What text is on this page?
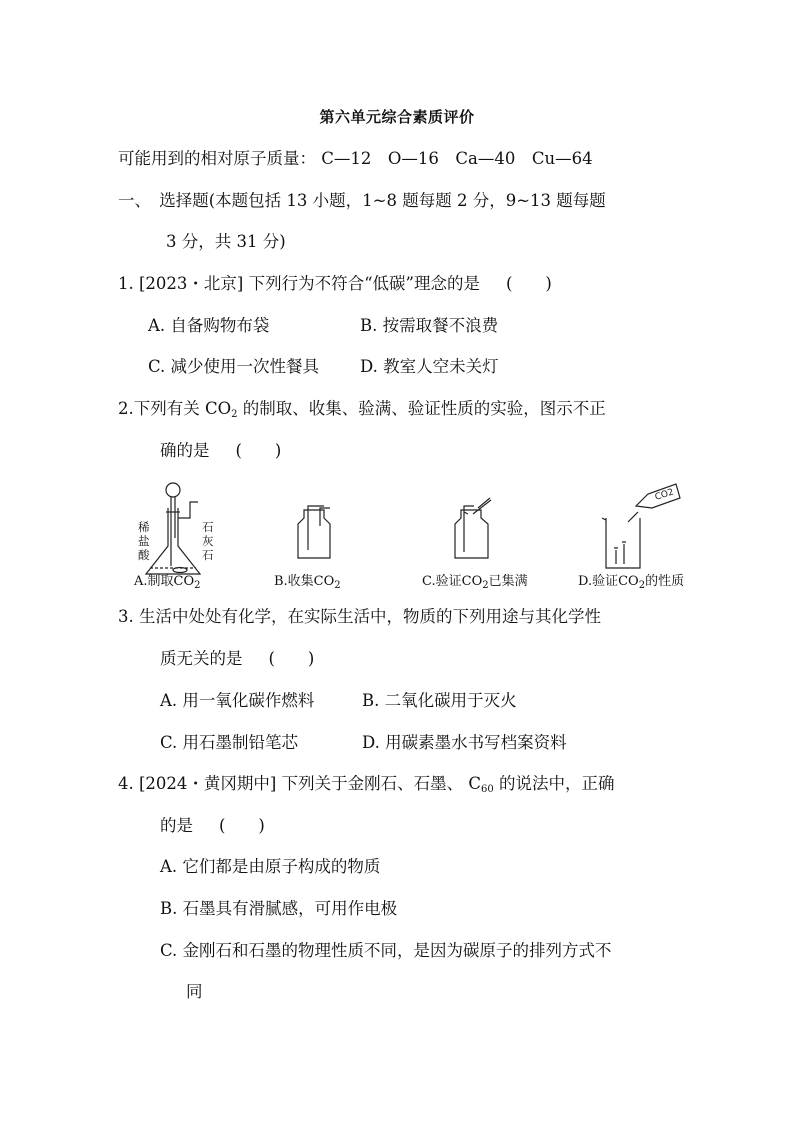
第六单元综合素质评价
可能用到的相对原子质量： C—12　O—16　Ca—40　Cu—64
一、　选择题(本题包括 13 小题，1~8 题每题 2 分，9~13 题每题
3 分，共 31 分)
1. [2023・北京] 下列行为不符合“低碳”理念的是 (　　)
A. 自备购物布袋	B. 按需取餐不浪费
C. 减少使用一次性餐具 D. 教室人空未关灯
2.下列有关 $CO_2$ 的制取、收集、验满、验证性质的实验，图示不正
确的是 (　　)
CO2
稀
盐
酸
石
灰
石
A.制取$CO_2$	B.收集$CO_2$	C.验证$CO_2$已集满	D.验证$CO_2$的性质
3. 生活中处处有化学，在实际生活中，物质的下列用途与其化学性
质无关的是 (　　)
A. 用一氧化碳作燃料	B. 二氧化碳用于灭火
C. 用石墨制铅笔芯	D. 用碳素墨水书写档案资料
4. [2024・黄冈期中] 下列关于金刚石、石墨、 $C_{60}$ 的说法中，正确
的是 (　　)
A. 它们都是由原子构成的物质
B. 石墨具有滑腻感，可用作电极
C. 金刚石和石墨的物理性质不同，是因为碳原子的排列方式不
同
